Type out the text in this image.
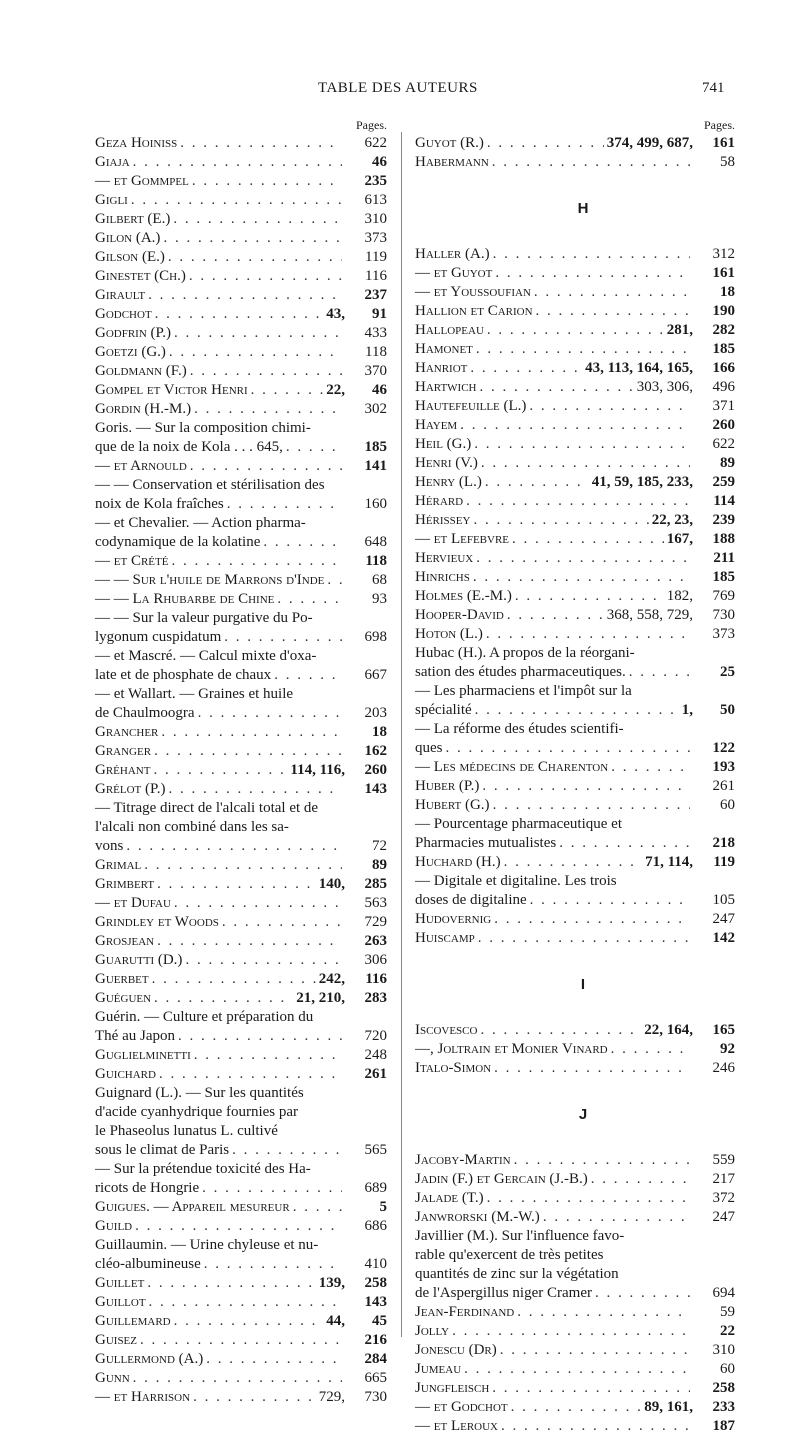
TABLE DES AUTEURS	741
Pages.
Geza Hoiniss . . .	622
Giaja . . .	46
— et Gommpel . . .	235
Gigli . . .	613
Gilbert (E.) . . .	310
Gilon (A.) . . .	373
Gilson (E.) . . .	119
Ginestet (Ch.) . . .	116
Girault . . .	237
Godchot . . .	43,	91
Godfrin (P.) . . .	433
Goetzi (G.) . . .	118
Goldmann (F.) . . .	370
Gompel et Victor Henri . . .	22,	46
Gordin (H.-M.) . . .	302
Goris. — Sur la composition chimi-
que de la noix de Kola . . . 645, . . .	185
— et Arnould . . .	141
— — Conservation et stérilisation des
noix de Kola fraîches . . .	160
— et Chevalier. — Action pharma-
codynamique de la kolatine . . .	648
— et Crété . . .	118
— — Sur l'huile de Marrons d'Inde . . .	68
— — La Rhubarbe de Chine . . .	93
— — Sur la valeur purgative du Po-
lygonum cuspidatum . . .	698
— et Mascré. — Calcul mixte d'oxa-
late et de phosphate de chaux . . .	667
— et Wallart. — Graines et huile
de Chaulmoogra . . .	203
Grancher . . .	18
Granger . . .	162
Gréhant . . .	114, 116,	260
Grélot (P.) . . .	143
— Titrage direct de l'alcali total et de
l'alcali non combiné dans les sa-
vons . . .	72
Grimal . . .	89
Grimbert . . .	140,	285
— et Dufau . . .	563
Grindley et Woods . . .	729
Grosjean . . .	263
Guarutti (D.) . . .	306
Guerbet . . .	242,	116
Guéguen . . .	21, 210,	283
Guérin. — Culture et préparation du
Thé au Japon . . .	720
Guglielminetti . . .	248
Guichard . . .	261
Guignard (L.). — Sur les quantités
d'acide cyanhydrique fournies par
le Phaseolus lunatus L. cultivé
sous le climat de Paris . . .	565
— Sur la prétendue toxicité des Ha-
ricots de Hongrie . . .	689
Guigues. — Appareil mesureur . . .	5
Guild . . .	686
Guillaumin. — Urine chyleuse et nu-
cléo-albumineuse . . .	410
Guillet . . .	139,	258
Guillot . . .	143
Guillemard . . .	44,	45
Guisez . . .	216
Gullermond (A.) . . .	284
Gunn . . .	665
— et Harrison . . .	729,	730
Pages.
Guyot (R.) . . .	374, 499, 687,	161
Habermann . . .	58
H
Haller (A.) . . .	312
— et Guyot . . .	161
— et Youssoufian . . .	18
Hallion et Carion . . .	190
Hallopeau . . .	281,	282
Hamonet . . .	185
Hanriot . . .	43, 113, 164, 165,	166
Hartwich . . .	303, 306,	496
Hautefeuille (L.) . . .	371
Hayem . . .	260
Heil (G.) . . .	622
Henri (V.) . . .	89
Henry (L.) . . .	41, 59, 185, 233,	259
Hérard . . .	114
Hérissey . . .	22, 23,	239
— et Lefebvre . . .	167,	188
Hervieux . . .	211
Hinrichs . . .	185
Holmes (E.-M.) . . .	182,	769
Hooper-David . . .	368, 558, 729,	730
Hoton (L.) . . .	373
Hubac (H.). A propos de la réorgani-
sation des études pharmaceutiques. . . .	25
— Les pharmaciens et l'impôt sur la
spécialité . . .	1,	50
— La réforme des études scientifi-
ques . . .	122
— Les médecins de Charenton . . .	193
Huber (P.) . . .	261
Hubert (G.) . . .	60
— Pourcentage pharmaceutique et
Pharmacies mutualistes . . .	218
Huchard (H.) . . .	71, 114,	119
— Digitale et digitaline. Les trois
doses de digitaline . . .	105
Hudovernig . . .	247
Huiscamp . . .	142
I
Iscovesco . . .	22, 164,	165
—, Joltrain et Monier Vinard . . .	92
Italo-Simon . . .	246
J
Jacoby-Martin . . .	559
Jadin (F.) et Gercain (J.-B.) . . .	217
Jalade (T.) . . .	372
Janwrorski (M.-W.) . . .	247
Javillier (M.). Sur l'influence favo-
rable qu'exercent de très petites
quantités de zinc sur la végétation
de l'Aspergillus niger Cramer . . .	694
Jean-Ferdinand . . .	59
Jolly . . .	22
Jonescu (Dr) . . .	310
Jumeau . . .	60
Jungfleisch . . .	258
— et Godchot . . .	89, 161,	233
— et Leroux . . .	187
